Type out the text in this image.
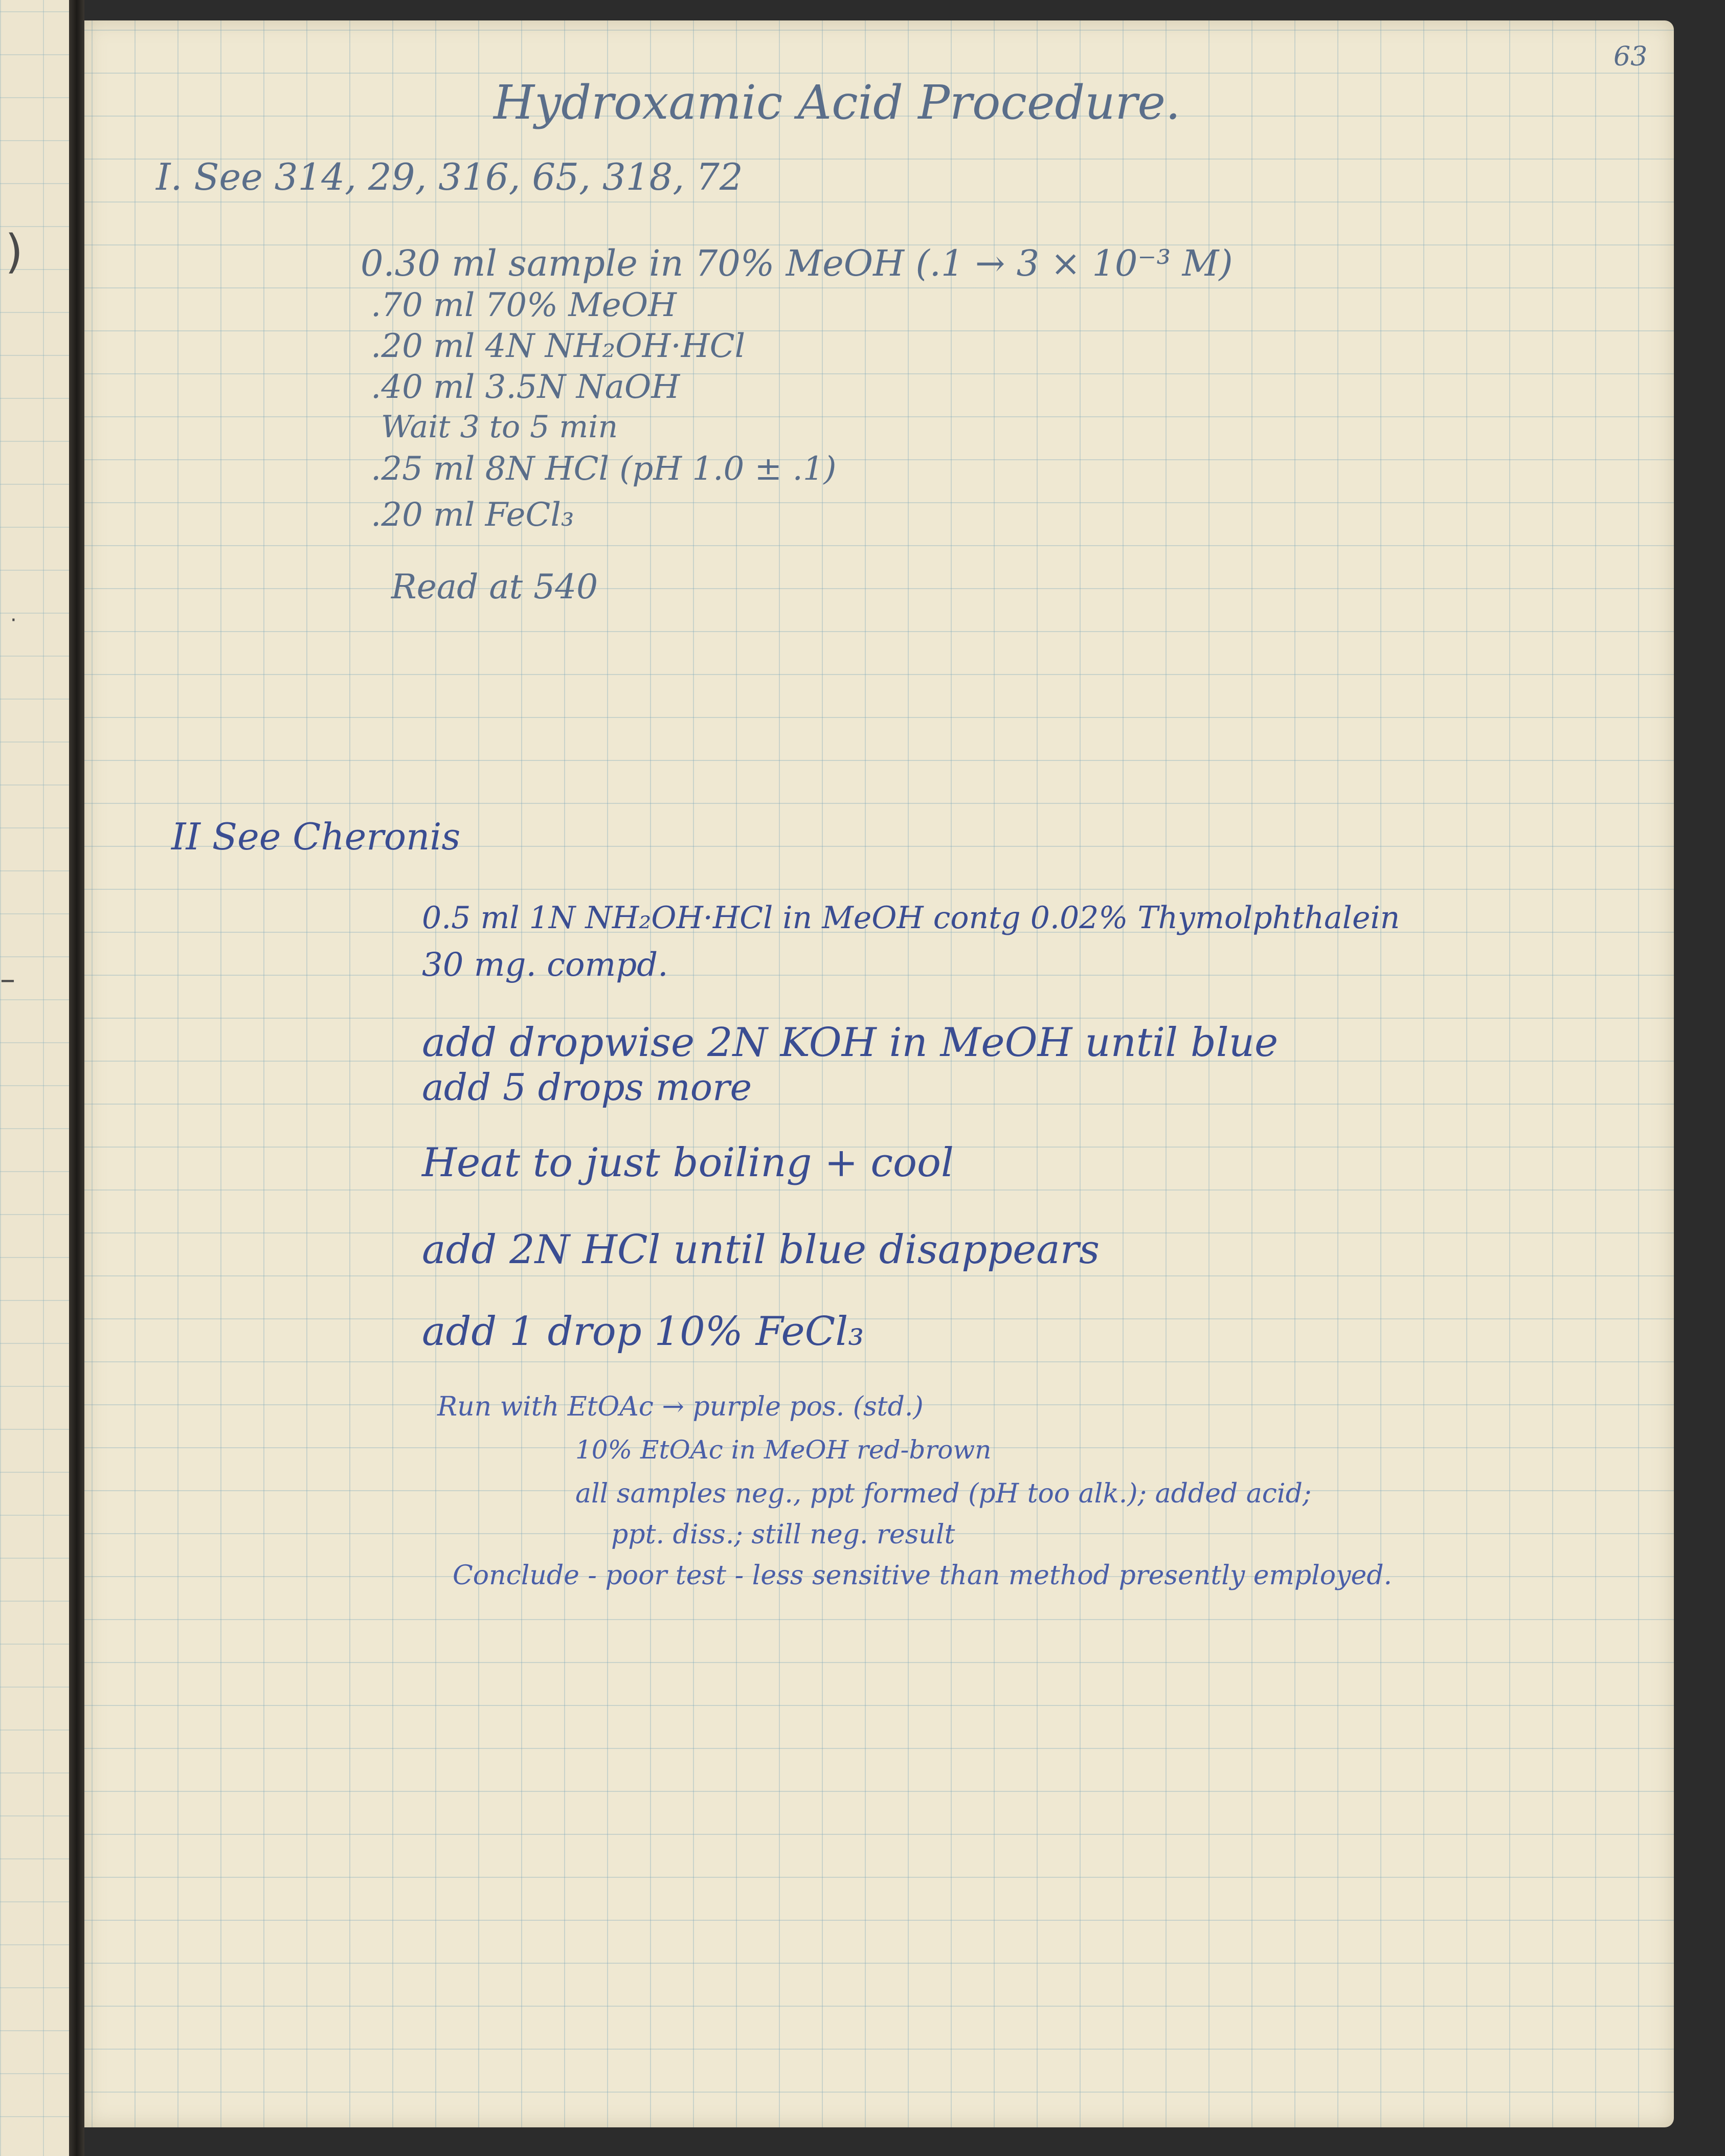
)
·
–

63

Hydroxamic Acid Procedure.

I. See 314, 29, 316, 65, 318, 72

0.30 ml sample in 70% MeOH (.1 → 3 × 10⁻³ M)

.70 ml 70% MeOH

.20 ml 4N NH₂OH·HCl

.40 ml 3.5N NaOH

Wait 3 to 5 min

.25 ml 8N HCl (pH 1.0 ± .1)

.20 ml FeCl₃

Read at 540

II See Cheronis

0.5 ml 1N NH₂OH·HCl in MeOH contg 0.02% Thymolphthalein

30 mg. compd.

add dropwise 2N KOH in MeOH until blue

add 5 drops more

Heat to just boiling + cool

add 2N HCl until blue disappears

add 1 drop 10% FeCl₃

Run with EtOAc → purple pos. (std.)

10% EtOAc in MeOH red-brown

all samples neg., ppt formed (pH too alk.); added acid;

ppt. diss.; still neg. result

Conclude - poor test - less sensitive than method presently employed.
